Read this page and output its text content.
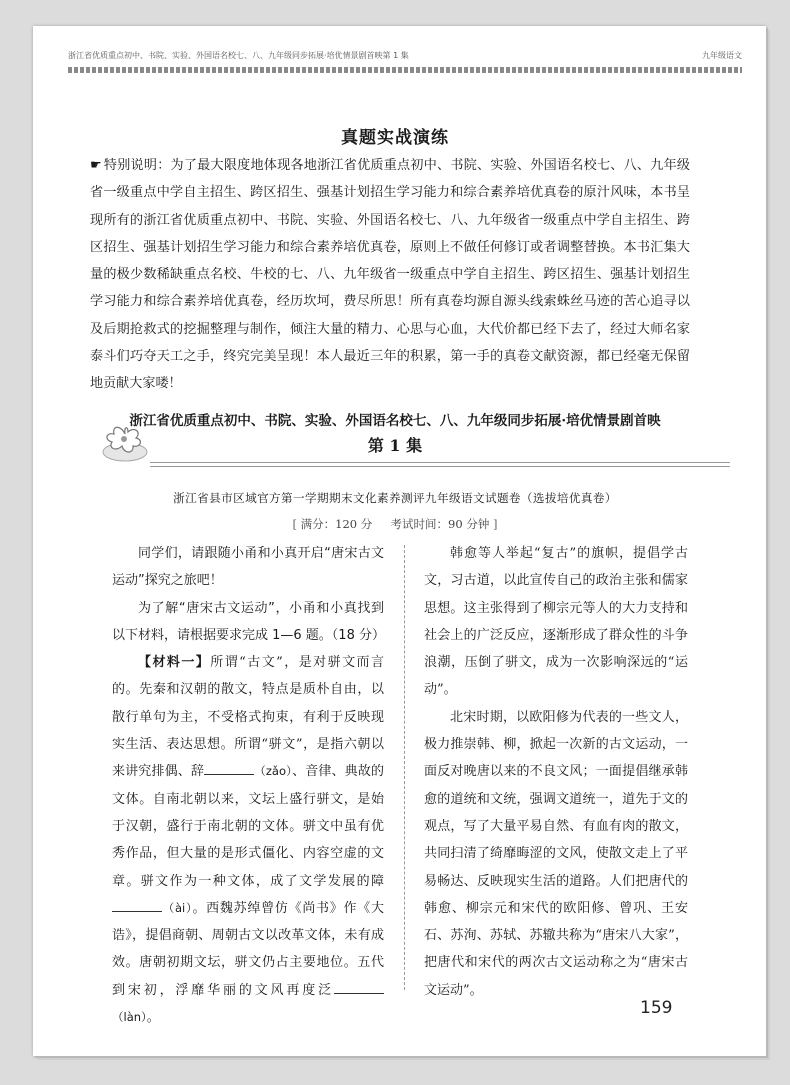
浙江省优质重点初中、书院、实验、外国语名校七、八、九年级同步拓展·培优情景剧首映第 1 集	九年级语文
真题实战演练
☛ 特别说明：为了最大限度地体现各地浙江省优质重点初中、书院、实验、外国语名校七、八、九年级省一级重点中学自主招生、跨区招生、强基计划招生学习能力和综合素养培优真卷的原汁风味，本书呈现所有的浙江省优质重点初中、书院、实验、外国语名校七、八、九年级省一级重点中学自主招生、跨区招生、强基计划招生学习能力和综合素养培优真卷，原则上不做任何修订或者调整替换。本书汇集大量的极少数稀缺重点名校、牛校的七、八、九年级省一级重点中学自主招生、跨区招生、强基计划招生学习能力和综合素养培优真卷，经历坎坷，费尽所思！所有真卷均源自源头线索蛛丝马迹的苦心追寻以及后期抢救式的挖掘整理与制作，倾注大量的精力、心思与心血，大代价都已经下去了，经过大师名家泰斗们巧夺天工之手，终究完美呈现！本人最近三年的积累，第一手的真卷文献资源，都已经毫无保留地贡献大家喽！
浙江省优质重点初中、书院、实验、外国语名校七、八、九年级同步拓展·培优情景剧首映
第 1 集
浙江省县市区域官方第一学期期末文化素养测评九年级语文试题卷（选拔培优真卷）
[ 满分：120 分 考试时间：90 分钟 ]

同学们，请跟随小甬和小真开启“唐宋古文运动”探究之旅吧！

为了解“唐宋古文运动”，小甬和小真找到以下材料，请根据要求完成 1—6 题。（18 分）

【材料一】所谓“古文”，是对骈文而言的。先秦和汉朝的散文，特点是质朴自由，以散行单句为主，不受格式拘束，有利于反映现实生活、表达思想。所谓“骈文”，是指六朝以来讲究排偶、辞	（zǎo）、音律、典故的文体。自南北朝以来，文坛上盛行骈文，是始于汉朝，盛行于南北朝的文体。骈文中虽有优秀作品，但大量的是形式僵化、内容空虚的文章。骈文作为一种文体，成了文学发展的障（ài）。西魏苏绰曾仿《尚书》作《大诰》，提倡商朝、周朝古文以改革文体，未有成效。唐朝初期文坛，骈文仍占主要地位。五代到宋初，浮靡华丽的文风再度泛（làn）。

韩愈等人举起“复古”的旗帜，提倡学古文，习古道，以此宣传自己的政治主张和儒家思想。这主张得到了柳宗元等人的大力支持和社会上的广泛反应，逐渐形成了群众性的斗争浪潮，压倒了骈文，成为一次影响深远的“运动”。

北宋时期，以欧阳修为代表的一些文人，极力推崇韩、柳，掀起一次新的古文运动，一面反对晚唐以来的不良文风；一面提倡继承韩愈的道统和文统，强调文道统一，道先于文的观点，写了大量平易自然、有血有肉的散文，共同扫清了绮靡晦涩的文风，使散文走上了平易畅达、反映现实生活的道路。人们把唐代的韩愈、柳宗元和宋代的欧阳修、曾巩、王安石、苏洵、苏轼、苏辙共称为“唐宋八大家”，把唐代和宋代的两次古文运动称之为“唐宋古文运动”。

159
